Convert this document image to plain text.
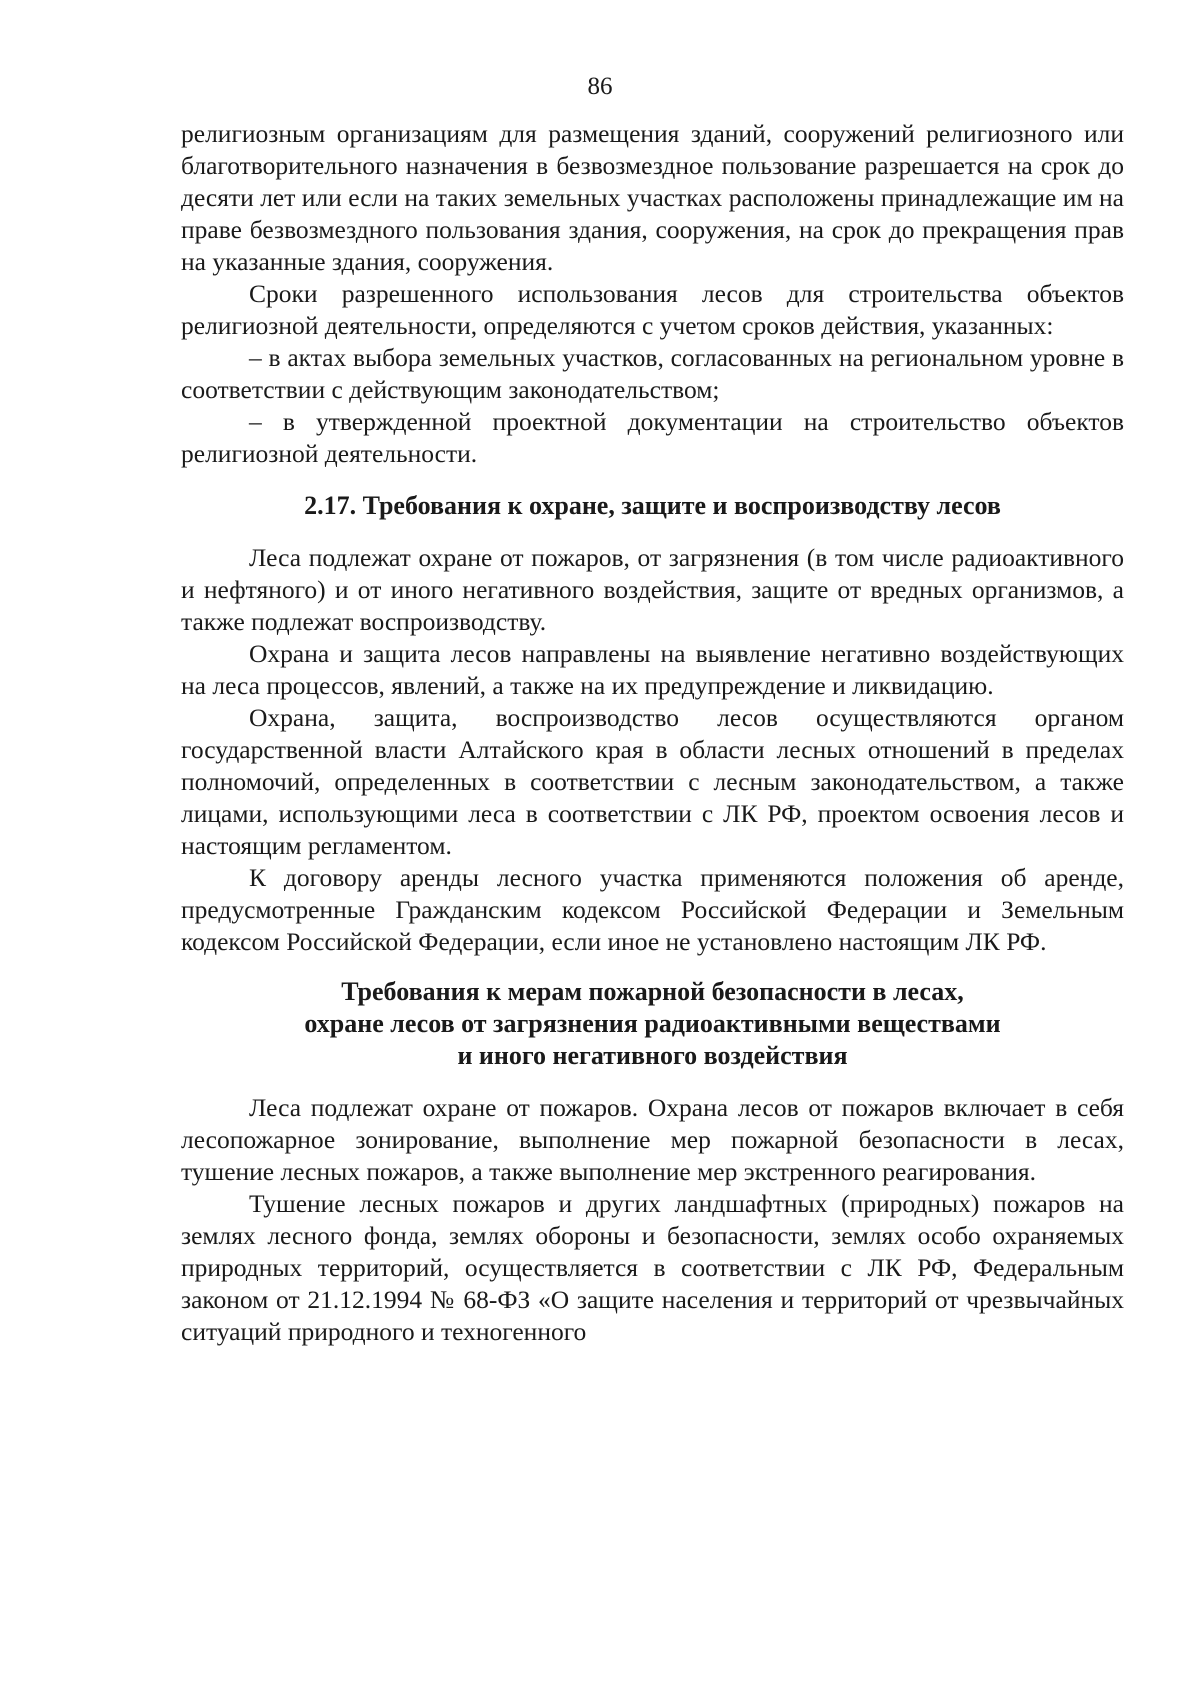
86

религиозным организациям для размещения зданий, сооружений религиозного или благотворительного назначения в безвозмездное пользование разрешается на срок до десяти лет или если на таких земельных участках расположены принадлежащие им на праве безвозмездного пользования здания, сооружения, на срок до прекращения прав на указанные здания, сооружения.

Сроки разрешенного использования лесов для строительства объектов религиозной деятельности, определяются с учетом сроков действия, указанных:

– в актах выбора земельных участков, согласованных на региональном уровне в соответствии с действующим законодательством;

– в утвержденной проектной документации на строительство объектов религиозной деятельности.

2.17. Требования к охране, защите и воспроизводству лесов

Леса подлежат охране от пожаров, от загрязнения (в том числе радиоактивного и нефтяного) и от иного негативного воздействия, защите от вредных организмов, а также подлежат воспроизводству.

Охрана и защита лесов направлены на выявление негативно воздействующих на леса процессов, явлений, а также на их предупреждение и ликвидацию.

Охрана, защита, воспроизводство лесов осуществляются органом государственной власти Алтайского края в области лесных отношений в пределах полномочий, определенных в соответствии с лесным законодательством, а также лицами, использующими леса в соответствии с ЛК РФ, проектом освоения лесов и настоящим регламентом.

К договору аренды лесного участка применяются положения об аренде, предусмотренные Гражданским кодексом Российской Федерации и Земельным кодексом Российской Федерации, если иное не установлено настоящим ЛК РФ.

Требования к мерам пожарной безопасности в лесах,
охране лесов от загрязнения радиоактивными веществами
и иного негативного воздействия

Леса подлежат охране от пожаров. Охрана лесов от пожаров включает в себя лесопожарное зонирование, выполнение мер пожарной безопасности в лесах, тушение лесных пожаров, а также выполнение мер экстренного реагирования.

Тушение лесных пожаров и других ландшафтных (природных) пожаров на землях лесного фонда, землях обороны и безопасности, землях особо охраняемых природных территорий, осуществляется в соответствии с ЛК РФ, Федеральным законом от 21.12.1994 № 68-ФЗ «О защите населения и территорий от чрезвычайных ситуаций природного и техногенного
